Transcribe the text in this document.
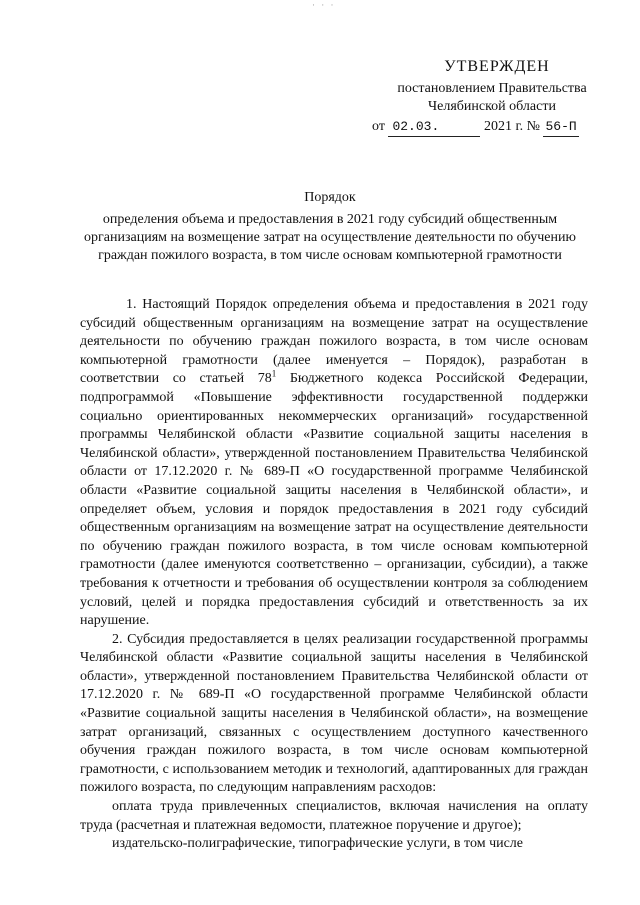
· · ·

УТВЕРЖДЕН

постановлением Правительства

Челябинской области

от 02.03.	2021 г. № 56-П

Порядок

определения объема и предоставления в 2021 году субсидий общественным организациям на возмещение затрат на осуществление деятельности по обучению граждан пожилого возраста, в том числе основам компьютерной грамотности

1. Настоящий Порядок определения объема и предоставления в 2021 году субсидий общественным организациям на возмещение затрат на осуществление деятельности по обучению граждан пожилого возраста, в том числе основам компьютерной грамотности (далее именуется – Порядок), разработан в соответствии со статьей $78^1$ Бюджетного кодекса Российской Федерации, подпрограммой «Повышение эффективности государственной поддержки социально ориентированных некоммерческих организаций» государственной программы Челябинской области «Развитие социальной защиты населения в Челябинской области», утвержденной постановлением Правительства Челябинской области от 17.12.2020 г. № 689-П «О государственной программе Челябинской области «Развитие социальной защиты населения в Челябинской области», и определяет объем, условия и порядок предоставления в 2021 году субсидий общественным организациям на возмещение затрат на осуществление деятельности по обучению граждан пожилого возраста, в том числе основам компьютерной грамотности (далее именуются соответственно – организации, субсидии), а также требования к отчетности и требования об осуществлении контроля за соблюдением условий, целей и порядка предоставления субсидий и ответственность за их нарушение.

2. Субсидия предоставляется в целях реализации государственной программы Челябинской области «Развитие социальной защиты населения в Челябинской области», утвержденной постановлением Правительства Челябинской области от 17.12.2020 г. № 689-П «О государственной программе Челябинской области «Развитие социальной защиты населения в Челябинской области», на возмещение затрат организаций, связанных с осуществлением доступного качественного обучения граждан пожилого возраста, в том числе основам компьютерной грамотности, с использованием методик и технологий, адаптированных для граждан пожилого возраста, по следующим направлениям расходов:

оплата труда привлеченных специалистов, включая начисления на оплату труда (расчетная и платежная ведомости, платежное поручение и другое);

издательско-полиграфические, типографические услуги, в том числе
